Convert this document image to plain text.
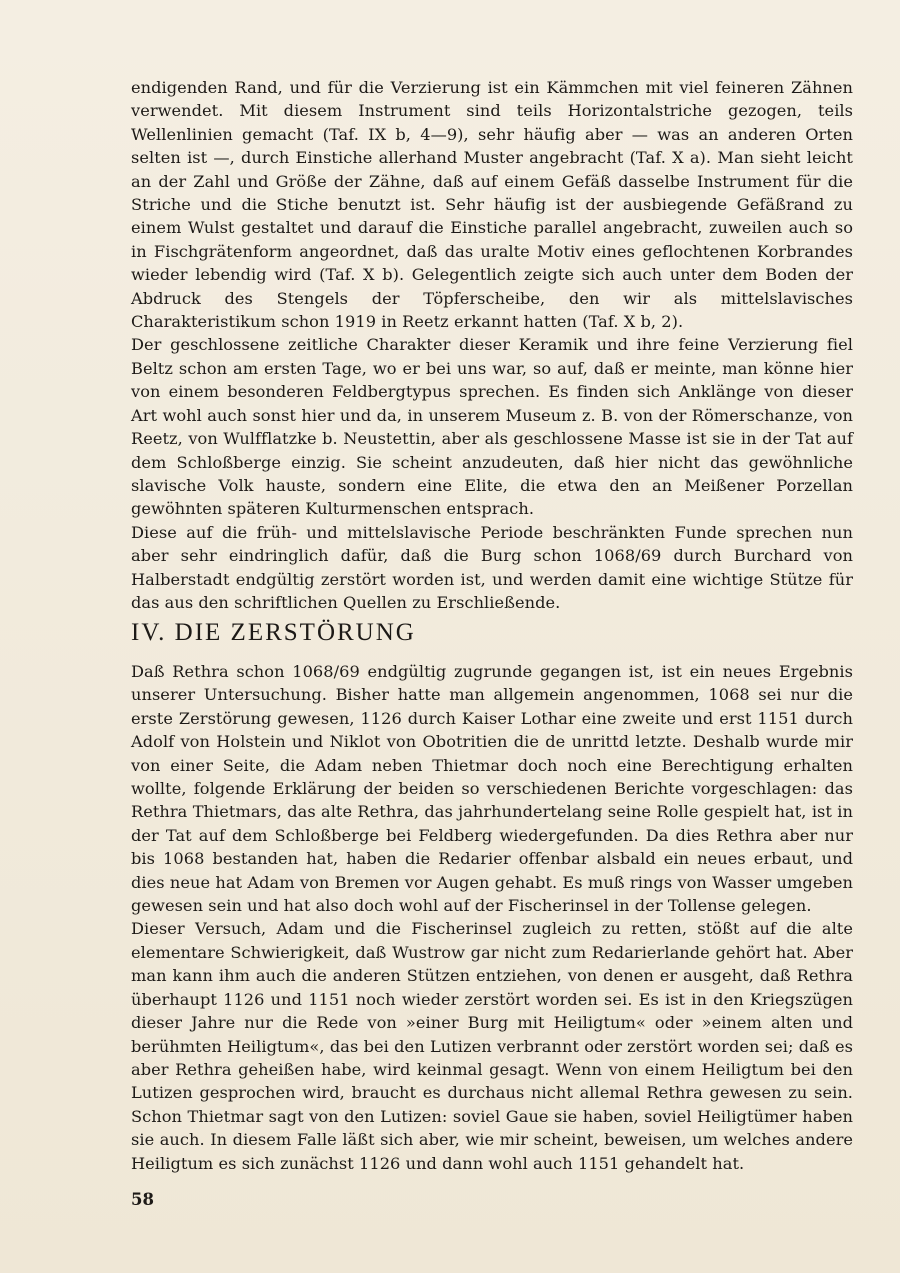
endigenden Rand, und für die Verzierung ist ein Kämmchen mit viel feineren Zähnen verwendet. Mit diesem Instrument sind teils Horizontalstriche gezogen, teils Wellenlinien gemacht (Taf. IX b, 4—9), sehr häufig aber — was an anderen Orten selten ist —, durch Einstiche allerhand Muster angebracht (Taf. X a). Man sieht leicht an der Zahl und Größe der Zähne, daß auf einem Gefäß dasselbe Instrument für die Striche und die Stiche benutzt ist. Sehr häufig ist der ausbiegende Gefäßrand zu einem Wulst gestaltet und darauf die Einstiche parallel angebracht, zuweilen auch so in Fischgrätenform angeordnet, daß das uralte Motiv eines geflochtenen Korbrandes wieder lebendig wird (Taf. X b). Gelegentlich zeigte sich auch unter dem Boden der Abdruck des Stengels der Töpferscheibe, den wir als mittelslavisches Charakteristikum schon 1919 in Reetz erkannt hatten (Taf. X b, 2).

Der geschlossene zeitliche Charakter dieser Keramik und ihre feine Verzierung fiel Beltz schon am ersten Tage, wo er bei uns war, so auf, daß er meinte, man könne hier von einem besonderen Feldbergtypus sprechen. Es finden sich Anklänge von dieser Art wohl auch sonst hier und da, in unserem Museum z. B. von der Römerschanze, von Reetz, von Wulfflatzke b. Neustettin, aber als geschlossene Masse ist sie in der Tat auf dem Schloßberge einzig. Sie scheint anzudeuten, daß hier nicht das gewöhnliche slavische Volk hauste, sondern eine Elite, die etwa den an Meißener Porzellan gewöhnten späteren Kulturmenschen entsprach.

Diese auf die früh- und mittelslavische Periode beschränkten Funde sprechen nun aber sehr eindringlich dafür, daß die Burg schon 1068/69 durch Burchard von Halberstadt endgültig zerstört worden ist, und werden damit eine wichtige Stütze für das aus den schriftlichen Quellen zu Erschließende.

IV. DIE ZERSTÖRUNG

Daß Rethra schon 1068/69 endgültig zugrunde gegangen ist, ist ein neues Ergebnis unserer Untersuchung. Bisher hatte man allgemein angenommen, 1068 sei nur die erste Zerstörung gewesen, 1126 durch Kaiser Lothar eine zweite und erst 1151 durch Adolf von Holstein und Niklot von Obotritien die de unrittd letzte. Deshalb wurde mir von einer Seite, die Adam neben Thietmar doch noch eine Berechtigung erhalten wollte, folgende Erklärung der beiden so verschiedenen Berichte vorgeschlagen: das Rethra Thietmars, das alte Rethra, das jahrhundertelang seine Rolle gespielt hat, ist in der Tat auf dem Schloßberge bei Feldberg wiedergefunden. Da dies Rethra aber nur bis 1068 bestanden hat, haben die Redarier offenbar alsbald ein neues erbaut, und dies neue hat Adam von Bremen vor Augen gehabt. Es muß rings von Wasser umgeben gewesen sein und hat also doch wohl auf der Fischerinsel in der Tollense gelegen.

Dieser Versuch, Adam und die Fischerinsel zugleich zu retten, stößt auf die alte elementare Schwierigkeit, daß Wustrow gar nicht zum Redarierlande gehört hat. Aber man kann ihm auch die anderen Stützen entziehen, von denen er ausgeht, daß Rethra überhaupt 1126 und 1151 noch wieder zerstört worden sei. Es ist in den Kriegszügen dieser Jahre nur die Rede von »einer Burg mit Heiligtum« oder »einem alten und berühmten Heiligtum«, das bei den Lutizen verbrannt oder zerstört worden sei; daß es aber Rethra geheißen habe, wird keinmal gesagt. Wenn von einem Heiligtum bei den Lutizen gesprochen wird, braucht es durchaus nicht allemal Rethra gewesen zu sein. Schon Thietmar sagt von den Lutizen: soviel Gaue sie haben, soviel Heiligtümer haben sie auch. In diesem Falle läßt sich aber, wie mir scheint, beweisen, um welches andere Heiligtum es sich zunächst 1126 und dann wohl auch 1151 gehandelt hat.

58
